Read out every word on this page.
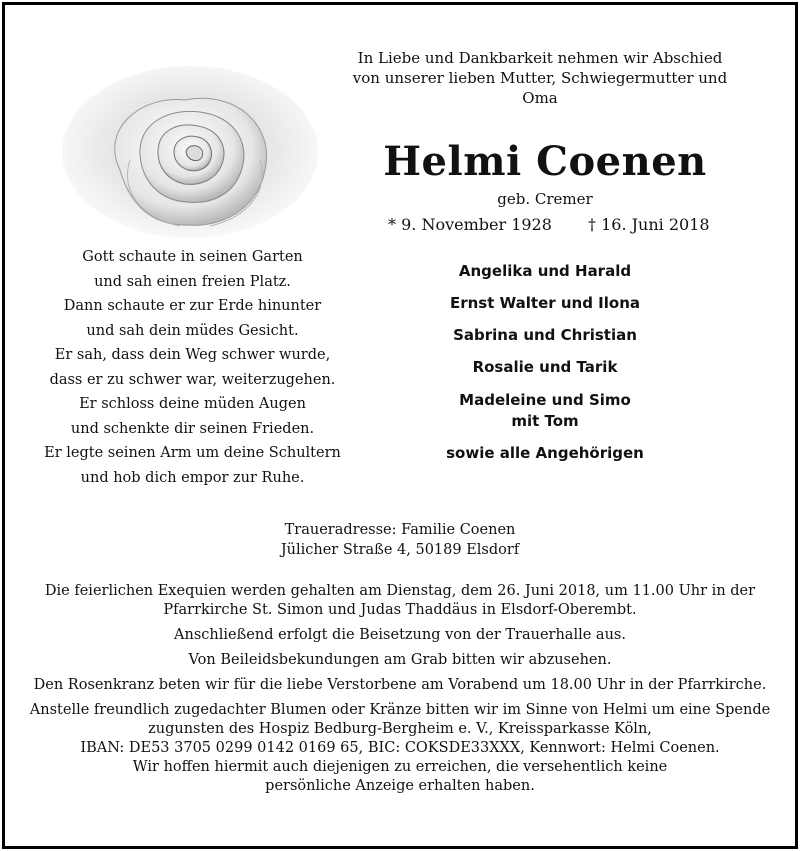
In Liebe und Dankbarkeit nehmen wir Abschied
von unserer lieben Mutter, Schwiegermutter und
Oma
Helmi Coenen
geb. Cremer
* 9. November 1928 † 16. Juni 2018
Gott schaute in seinen Garten
und sah einen freien Platz.
Dann schaute er zur Erde hinunter
und sah dein müdes Gesicht.
Er sah, dass dein Weg schwer wurde,
dass er zu schwer war, weiterzugehen.
Er schloss deine müden Augen
und schenkte dir seinen Frieden.
Er legte seinen Arm um deine Schultern
und hob dich empor zur Ruhe.
Angelika und Harald
Ernst Walter und Ilona
Sabrina und Christian
Rosalie und Tarik
Madeleine und Simo
mit Tom
sowie alle Angehörigen
Traueradresse: Familie Coenen
Jülicher Straße 4, 50189 Elsdorf
Die feierlichen Exequien werden gehalten am Dienstag, dem 26. Juni 2018, um 11.00 Uhr in der
Pfarrkirche St. Simon und Judas Thaddäus in Elsdorf-Oberembt.
Anschließend erfolgt die Beisetzung von der Trauerhalle aus.
Von Beileidsbekundungen am Grab bitten wir abzusehen.
Den Rosenkranz beten wir für die liebe Verstorbene am Vorabend um 18.00 Uhr in der Pfarrkirche.
Anstelle freundlich zugedachter Blumen oder Kränze bitten wir im Sinne von Helmi um eine Spende
zugunsten des Hospiz Bedburg-Bergheim e. V., Kreissparkasse Köln,
IBAN: DE53 3705 0299 0142 0169 65, BIC: COKSDE33XXX, Kennwort: Helmi Coenen.
Wir hoffen hiermit auch diejenigen zu erreichen, die versehentlich keine
persönliche Anzeige erhalten haben.
